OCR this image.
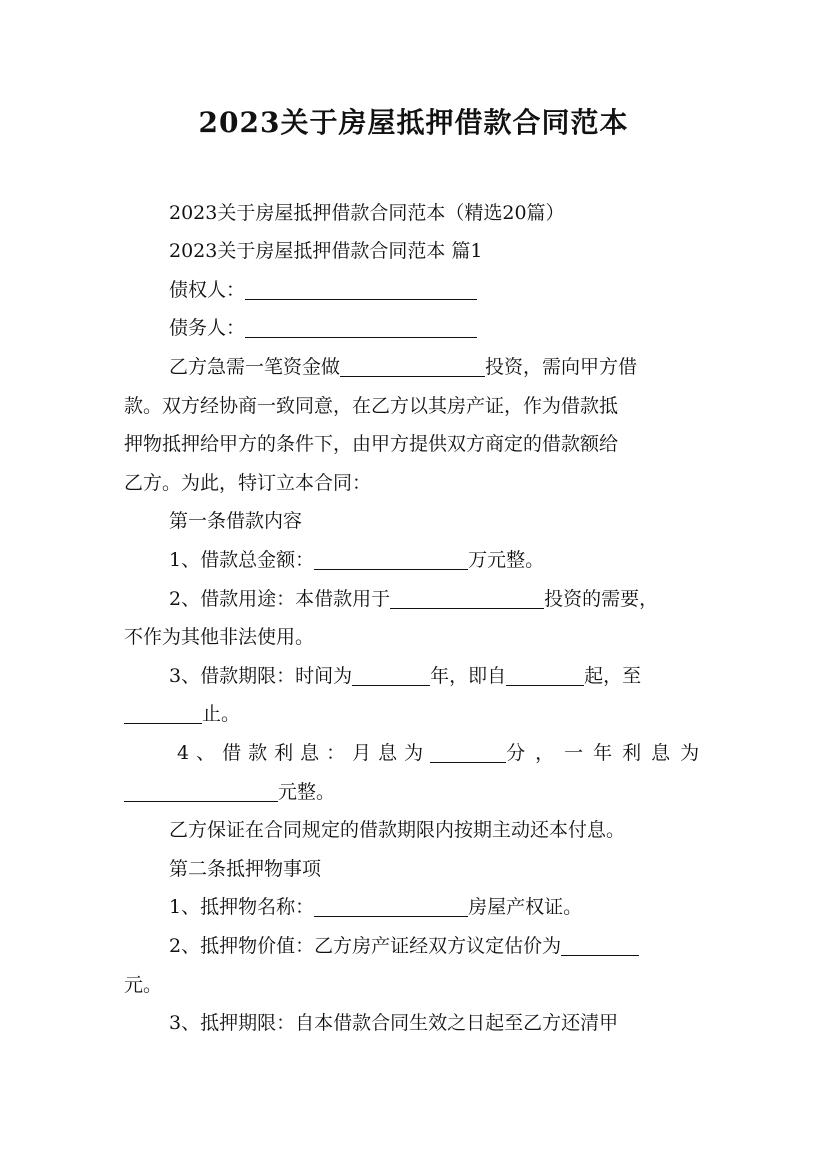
2023关于房屋抵押借款合同范本

2023关于房屋抵押借款合同范本（精选20篇）

2023关于房屋抵押借款合同范本 篇1

债权人：

债务人：

乙方急需一笔资金做	投资，需向甲方借

款。双方经协商一致同意，在乙方以其房产证，作为借款抵

押物抵押给甲方的条件下，由甲方提供双方商定的借款额给

乙方。为此，特订立本合同：

第一条借款内容

1、借款总金额：	万元整。

2、借款用途：本借款用于	投资的需要，

不作为其他非法使用。

3、借款期限：时间为	年，即自	起，至

止。

4、借款利息：月息为	分，一年利息为

元整。

乙方保证在合同规定的借款期限内按期主动还本付息。

第二条抵押物事项

1、抵押物名称：	房屋产权证。

2、抵押物价值：乙方房产证经双方议定估价为

元。

3、抵押期限：自本借款合同生效之日起至乙方还清甲
